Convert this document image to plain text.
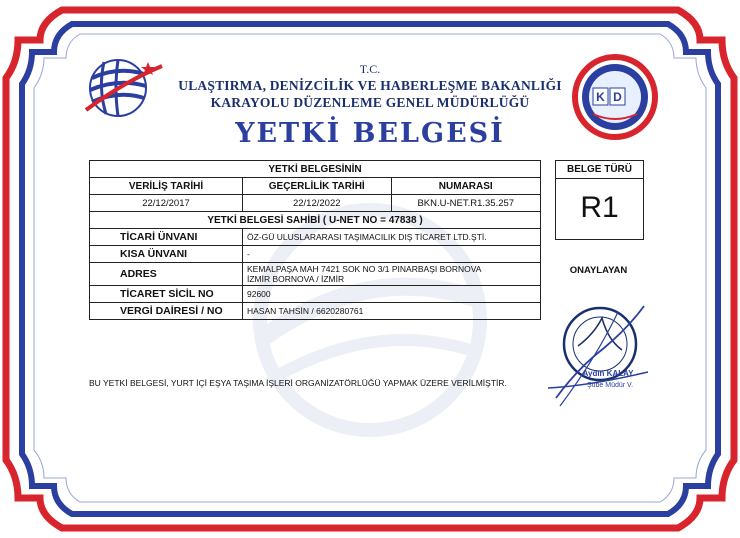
T.C.
ULAŞTIRMA, DENİZCİLİK VE HABERLEŞME BAKANLIĞI
KARAYOLU DÜZENLEME GENEL MÜDÜRLÜĞÜ	K D
YETKİ BELGESİ
YETKİ BELGESİNİN		
VERİLİŞ TARİHİ	GEÇERLİLİK TARİHİ	NUMARASI
22/12/2017	22/12/2022	BKN.U-NET.R1.35.257
YETKİ BELGESİ SAHİBİ ( U-NET NO = 47838 )		
TİCARİ ÜNVANI	ÖZ-GÜ ULUSLARARASI TAŞIMACILIK DIŞ TİCARET LTD.ŞTİ.	
KISA ÜNVANI	-	
ADRES	KEMALPAŞA MAH 7421 SOK NO 3/1 PINARBAŞI BORNOVA
İZMİR BORNOVA / İZMİR	

TİCARET SİCİL NO	92600	
VERGİ DAİRESİ / NO	HASAN TAHSİN / 6620280761	
BELGE TÜRÜ
R1
ONAYLAYAN
Aydın KALAY
Şube Müdür V.
BU YETKİ BELGESİ, YURT İÇİ EŞYA TAŞIMA İŞLERİ ORGANİZATÖRLÜĞÜ YAPMAK ÜZERE VERİLMİŞTİR.
